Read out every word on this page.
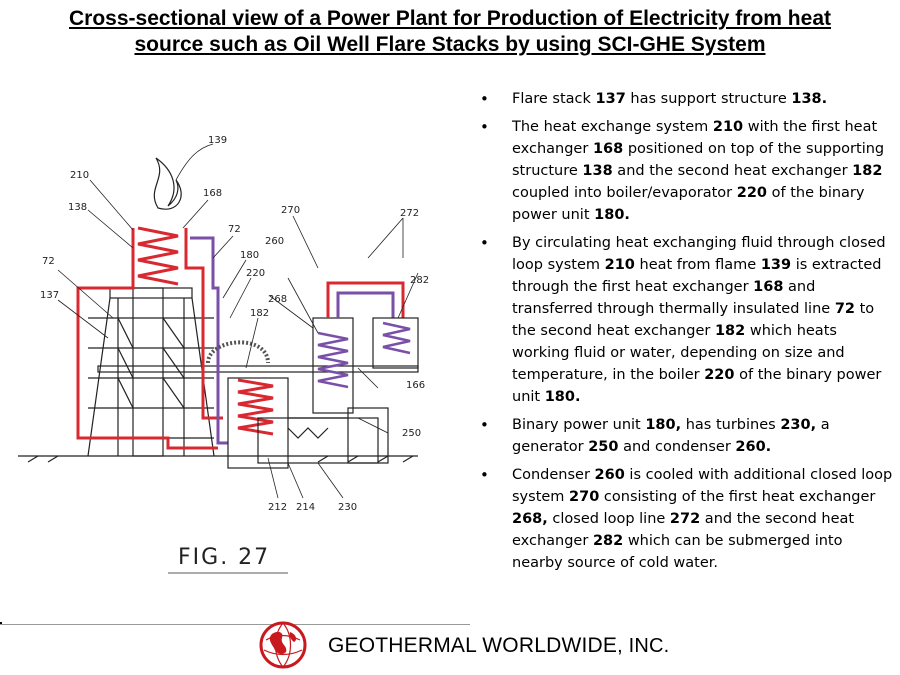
Cross-sectional view of a Power Plant for Production of Electricity from heat
source such as Oil Well Flare Stacks by using SCI-GHE System
139
210
168
138
72
72
137
180
220
182
260
270
268
272
282
166
250
212 214 230
FIG. 27
• Flare stack 137 has support structure 138.
• The heat exchange system 210 with the first heat exchanger 168 positioned on top of the supporting structure 138 and the second heat exchanger 182 coupled into boiler/evaporator 220 of the binary power unit 180.
• By circulating heat exchanging fluid through closed loop system 210 heat from flame 139 is extracted through the first heat exchanger 168 and transferred through thermally insulated line 72 to the second heat exchanger 182 which heats working fluid or water, depending on size and temperature, in the boiler 220 of the binary power unit 180.
• Binary power unit 180, has turbines 230, a generator 250 and condenser 260.
• Condenser 260 is cooled with additional closed loop system 270 consisting of the first heat exchanger 268, closed loop line 272 and the second heat exchanger 282 which can be submerged into nearby source of cold water.
GEOTHERMAL WORLDWIDE, INC.
